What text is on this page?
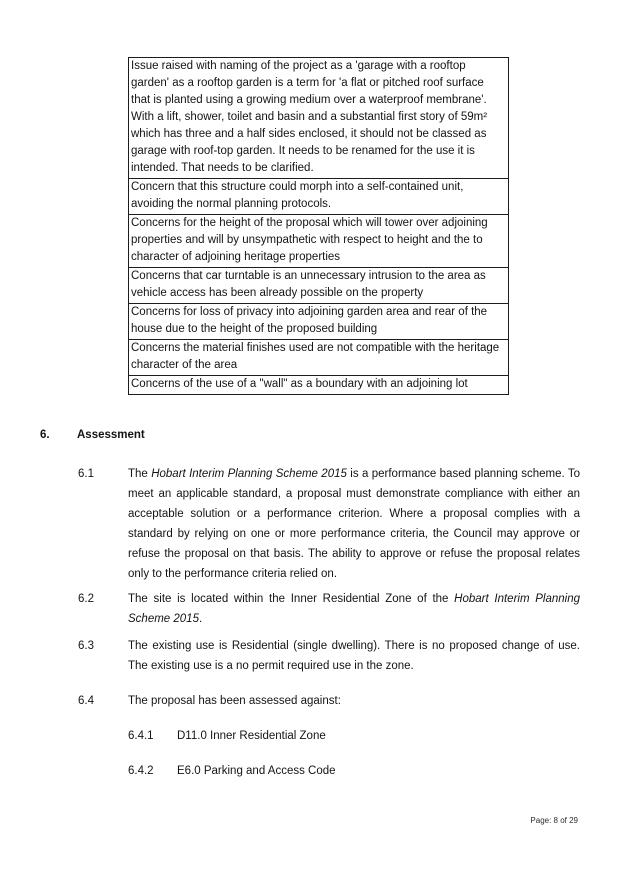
Issue raised with naming of the project as a 'garage with a rooftop garden' as a rooftop garden is a term for 'a flat or pitched roof surface that is planted using a growing medium over a waterproof membrane'. With a lift, shower, toilet and basin and a substantial first story of 59m² which has three and a half sides enclosed, it should not be classed as garage with roof-top garden. It needs to be renamed for the use it is intended. That needs to be clarified.
Concern that this structure could morph into a self-contained unit, avoiding the normal planning protocols.
Concerns for the height of the proposal which will tower over adjoining properties and will by unsympathetic with respect to height and the to character of adjoining heritage properties
Concerns that car turntable is an unnecessary intrusion to the area as vehicle access has been already possible on the property
Concerns for loss of privacy into adjoining garden area and rear of the house due to the height of the proposed building
Concerns the material finishes used are not compatible with the heritage character of the area
Concerns of the use of a "wall" as a boundary with an adjoining lot
6.	Assessment
6.1	The Hobart Interim Planning Scheme 2015 is a performance based planning scheme. To meet an applicable standard, a proposal must demonstrate compliance with either an acceptable solution or a performance criterion. Where a proposal complies with a standard by relying on one or more performance criteria, the Council may approve or refuse the proposal on that basis. The ability to approve or refuse the proposal relates only to the performance criteria relied on.
6.2	The site is located within the Inner Residential Zone of the Hobart Interim Planning Scheme 2015.
6.3	The existing use is Residential (single dwelling). There is no proposed change of use. The existing use is a no permit required use in the zone.
6.4	The proposal has been assessed against:
6.4.1	D11.0 Inner Residential Zone
6.4.2	E6.0 Parking and Access Code
Page: 8 of 29
